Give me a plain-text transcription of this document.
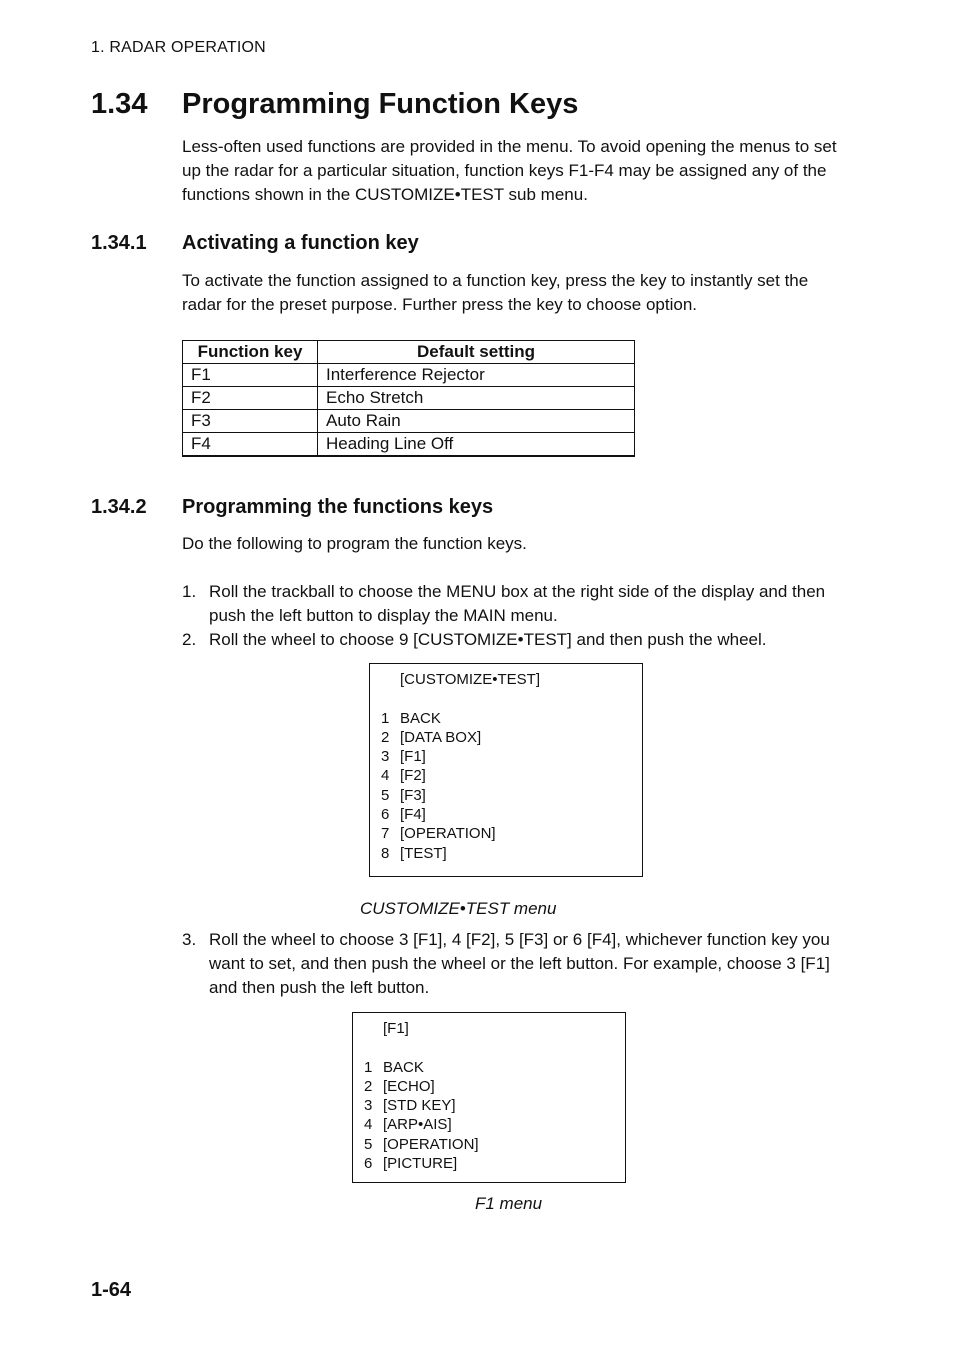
1. RADAR OPERATION
1.34 Programming Function Keys
Less-often used functions are provided in the menu. To avoid opening the menus to set up the radar for a particular situation, function keys F1-F4 may be assigned any of the functions shown in the CUSTOMIZE•TEST sub menu.
1.34.1 Activating a function key
To activate the function assigned to a function key, press the key to instantly set the radar for the preset purpose. Further press the key to choose option.
Function key	Default setting
F1	Interference Rejector
F2	Echo Stretch
F3	Auto Rain
F4	Heading Line Off
1.34.2 Programming the functions keys
Do the following to program the function keys.
1. Roll the trackball to choose the MENU box at the right side of the display and then push the left button to display the MAIN menu.
2. Roll the wheel to choose 9 [CUSTOMIZE•TEST] and then push the wheel.
[CUSTOMIZE•TEST]
1 BACK
2 [DATA BOX]
3 [F1]
4 [F2]
5 [F3]
6 [F4]
7 [OPERATION]
8 [TEST]
CUSTOMIZE•TEST menu
3. Roll the wheel to choose 3 [F1], 4 [F2], 5 [F3] or 6 [F4], whichever function key you want to set, and then push the wheel or the left button. For example, choose 3 [F1] and then push the left button.
[F1]
1 BACK
2 [ECHO]
3 [STD KEY]
4 [ARP•AIS]
5 [OPERATION]
6 [PICTURE]
F1 menu
1-64
